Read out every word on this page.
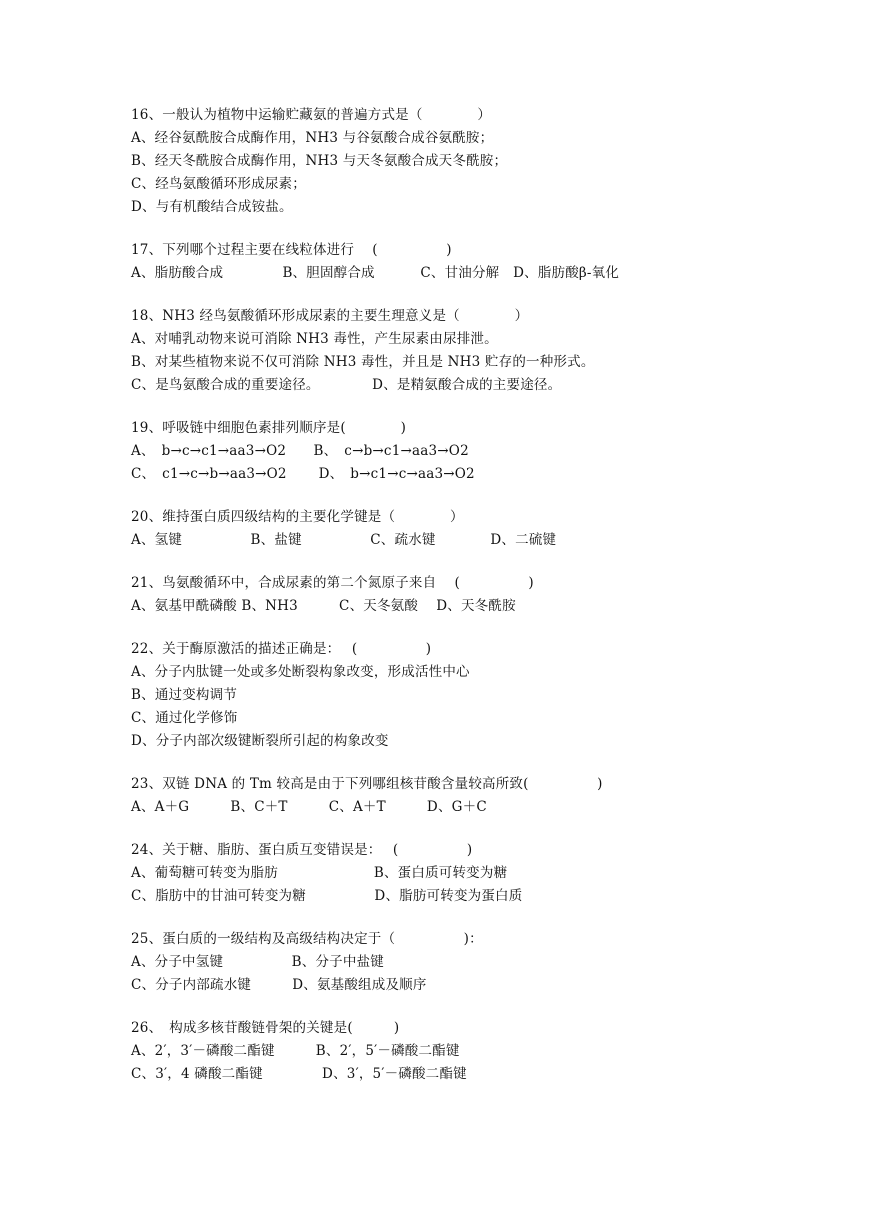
16、一般认为植物中运输贮藏氨的普遍方式是（　　　　）
A、经谷氨酰胺合成酶作用，NH3 与谷氨酸合成谷氨酰胺；
B、经天冬酰胺合成酶作用，NH3 与天冬氨酸合成天冬酰胺；
C、经鸟氨酸循环形成尿素；
D、与有机酸结合成铵盐。
17、下列哪个过程主要在线粒体进行　 (　　　　　)
A、脂肪酸合成　　　　 B、胆固醇合成　　　 C、甘油分解　D、脂肪酸β-氧化
18、NH3 经鸟氨酸循环形成尿素的主要生理意义是（　　　　）
A、对哺乳动物来说可消除 NH3 毒性，产生尿素由尿排泄。
B、对某些植物来说不仅可消除 NH3 毒性，并且是 NH3 贮存的一种形式。
C、是鸟氨酸合成的重要途径。　　　　 D、是精氨酸合成的主要途径。
19、呼吸链中细胞色素排列顺序是(　　　　)
A、　b→c→c1→aa3→O2　　B、　c→b→c1→aa3→O2
C、　c1→c→b→aa3→O2　　 D、　b→c1→c→aa3→O2
20、维持蛋白质四级结构的主要化学键是（　　　　）
A、氢键　　　　　B、盐键　　　　　C、疏水键　　　　D、二硫键
21、鸟氨酸循环中，合成尿素的第二个氮原子来自　 (　　　　　)
A、氨基甲酰磷酸 B、NH3　　　C、天冬氨酸　 D、天冬酰胺
22、关于酶原激活的描述正确是：　 (　　　　　)
A、分子内肽键一处或多处断裂构象改变，形成活性中心
B、通过变构调节
C、通过化学修饰
D、分子内部次级键断裂所引起的构象改变
23、双链 DNA 的 Tm 较高是由于下列哪组核苷酸含量较高所致(　　　　　)
A、A＋G　　　B、C＋T　　　C、A＋T　　　D、G＋C
24、关于糖、脂肪、蛋白质互变错误是：　 (　　　　　)
A、葡萄糖可转变为脂肪　　　　　　　B、蛋白质可转变为糖
C、脂肪中的甘油可转变为糖　　　　　D、脂肪可转变为蛋白质
25、蛋白质的一级结构及高级结构决定于（　　　　　)：
A、分子中氢键　　　　　B、分子中盐键
C、分子内部疏水键　　　D、氨基酸组成及顺序
26、　构成多核苷酸链骨架的关键是(　　　)
A、2′，3′－磷酸二酯键　　　B、2′，5′－磷酸二酯键
C、3′，4 磷酸二酯键　　　　 D、3′，5′－磷酸二酯键
